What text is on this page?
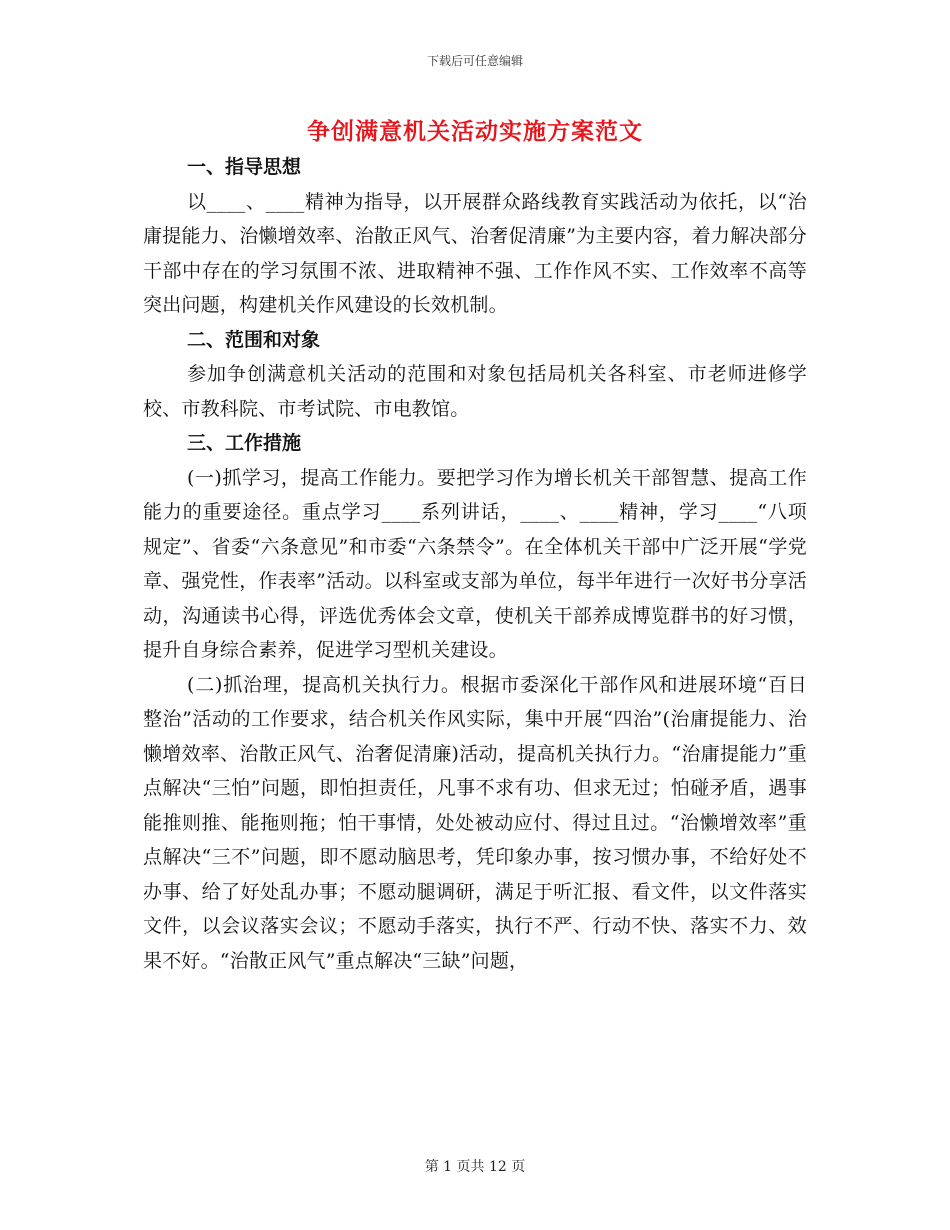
下载后可任意编辑
争创满意机关活动实施方案范文

一、指导思想

以____、____精神为指导，以开展群众路线教育实践活动为依托，以“治庸提能力、治懒增效率、治散正风气、治奢促清廉”为主要内容，着力解决部分干部中存在的学习氛围不浓、进取精神不强、工作作风不实、工作效率不高等突出问题，构建机关作风建设的长效机制。

二、范围和对象

参加争创满意机关活动的范围和对象包括局机关各科室、市老师进修学校、市教科院、市考试院、市电教馆。

三、工作措施

(一)抓学习，提高工作能力。要把学习作为增长机关干部智慧、提高工作能力的重要途径。重点学习____系列讲话，____、____精神，学习____“八项规定”、省委“六条意见”和市委“六条禁令”。在全体机关干部中广泛开展“学党章、强党性，作表率”活动。以科室或支部为单位，每半年进行一次好书分享活动，沟通读书心得，评选优秀体会文章，使机关干部养成博览群书的好习惯，提升自身综合素养，促进学习型机关建设。

(二)抓治理，提高机关执行力。根据市委深化干部作风和进展环境“百日整治”活动的工作要求，结合机关作风实际，集中开展“四治”(治庸提能力、治懒增效率、治散正风气、治奢促清廉)活动，提高机关执行力。“治庸提能力”重点解决“三怕”问题，即怕担责任，凡事不求有功、但求无过；怕碰矛盾，遇事能推则推、能拖则拖；怕干事情，处处被动应付、得过且过。“治懒增效率”重点解决“三不”问题，即不愿动脑思考，凭印象办事，按习惯办事，不给好处不办事、给了好处乱办事；不愿动腿调研，满足于听汇报、看文件，以文件落实文件，以会议落实会议；不愿动手落实，执行不严、行动不快、落实不力、效果不好。“治散正风气”重点解决“三缺”问题，

第 1 页共 12 页
